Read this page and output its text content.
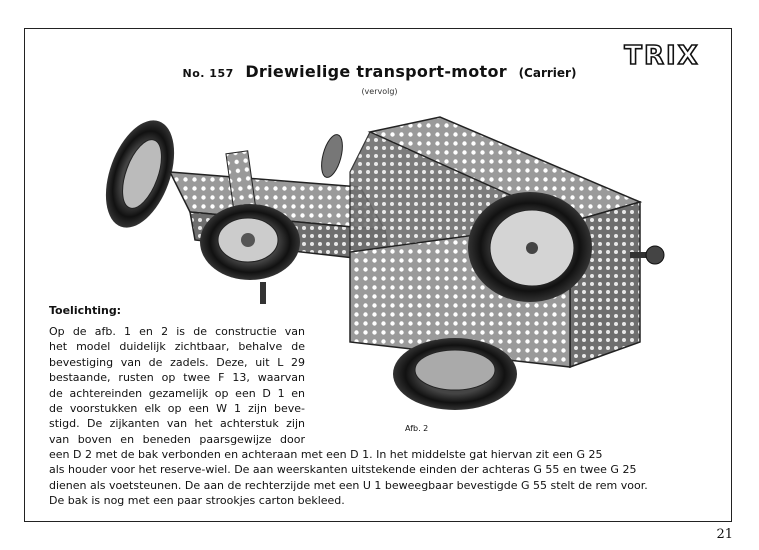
TRIX
No. 157 Driewielige transport-motor (Carrier)
(vervolg)
Afb. 2
Toelichting:

Op de afb. 1 en 2 is de constructie van

het model duidelijk zichtbaar, behalve de

bevestiging van de zadels. Deze, uit L 29

bestaande, rusten op twee F 13, waarvan

de achtereinden gezamelijk op een D 1 en

de voorstukken elk op een W 1 zijn beve-

stigd. De zijkanten van het achterstuk zijn

van boven en beneden paarsgewijze door

een D 2 met de bak verbonden en achteraan met een D 1. In het middelste gat hiervan zit een G 25

als houder voor het reserve-wiel. De aan weerskanten uitstekende einden der achteras G 55 en twee G 25

dienen als voetsteunen. De aan de rechterzijde met een U 1 beweegbaar bevestigde G 55 stelt de rem voor.

De bak is nog met een paar strookjes carton bekleed.

21
